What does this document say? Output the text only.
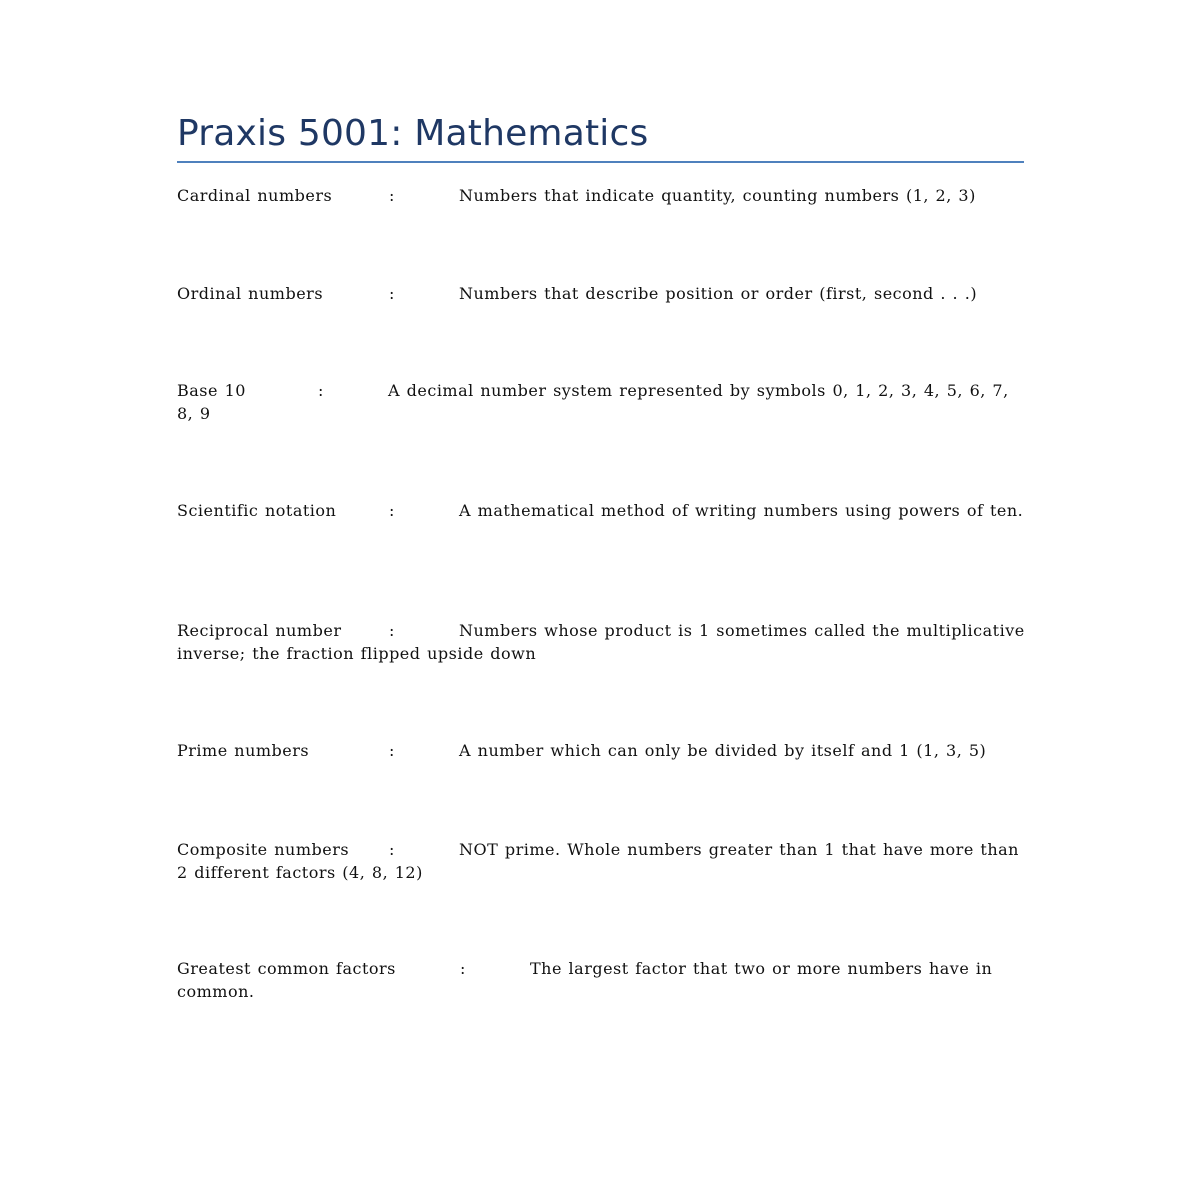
Praxis 5001: Mathematics
Cardinal numbers	:	Numbers that indicate quantity, counting numbers (1, 2, 3)
Ordinal numbers	:	Numbers that describe position or order (first, second . . .)
Base 10	:	A decimal number system represented by symbols 0, 1, 2, 3, 4, 5, 6, 7, 8, 9
Scientific notation	:	A mathematical method of writing numbers using powers of ten.
Reciprocal number	:	Numbers whose product is 1 sometimes called the multiplicative inverse; the fraction flipped upside down
Prime numbers	:	A number which can only be divided by itself and 1 (1, 3, 5)
Composite numbers :	NOT prime. Whole numbers greater than 1 that have more than 2 different factors (4, 8, 12)
Greatest common factors	:	The largest factor that two or more numbers have in common.
